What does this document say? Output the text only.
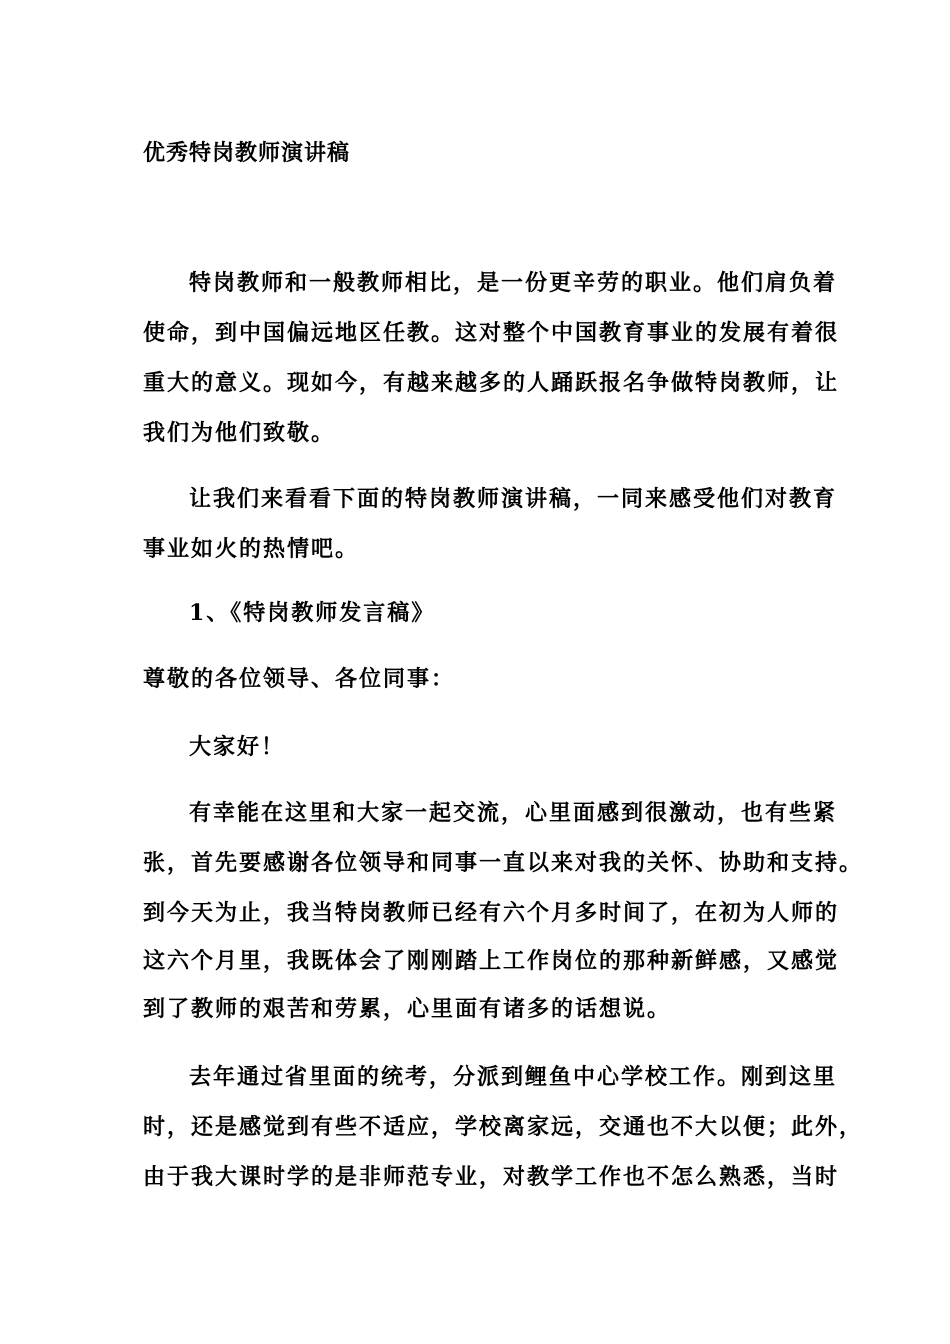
优秀特岗教师演讲稿
特岗教师和一般教师相比，是一份更辛劳的职业。他们肩负着
使命，到中国偏远地区任教。这对整个中国教育事业的发展有着很
重大的意义。现如今，有越来越多的人踊跃报名争做特岗教师，让
我们为他们致敬。
让我们来看看下面的特岗教师演讲稿，一同来感受他们对教育
事业如火的热情吧。
1、《特岗教师发言稿》
尊敬的各位领导、各位同事：
大家好！
有幸能在这里和大家一起交流，心里面感到很激动，也有些紧
张，首先要感谢各位领导和同事一直以来对我的关怀、协助和支持。
到今天为止，我当特岗教师已经有六个月多时间了，在初为人师的
这六个月里，我既体会了刚刚踏上工作岗位的那种新鲜感，又感觉
到了教师的艰苦和劳累，心里面有诸多的话想说。
去年通过省里面的统考，分派到鲤鱼中心学校工作。刚到这里
时，还是感觉到有些不适应，学校离家远，交通也不大以便；此外，
由于我大课时学的是非师范专业，对教学工作也不怎么熟悉，当时
